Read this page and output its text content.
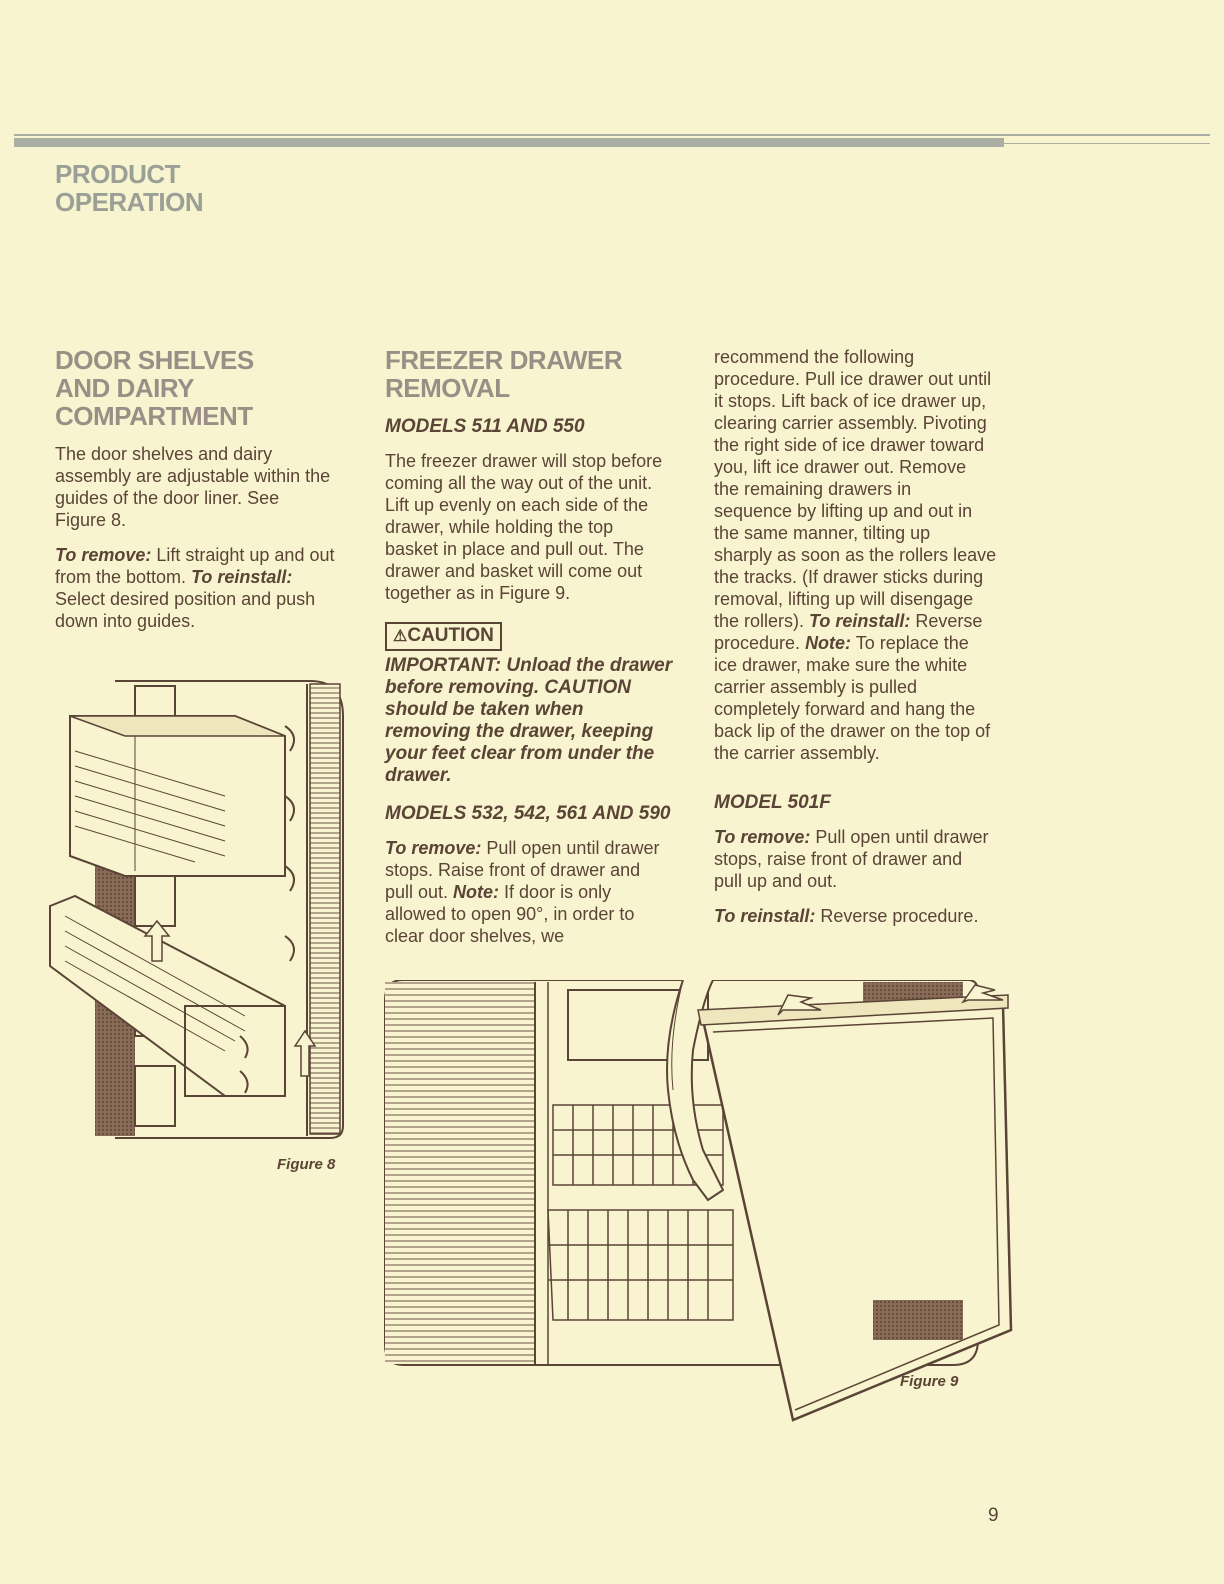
PRODUCT
OPERATION
DOOR SHELVES
AND DAIRY
COMPARTMENT

The door shelves and dairy
assembly are adjustable within the
guides of the door liner. See
Figure 8.

To remove: Lift straight up and out
from the bottom. To reinstall:
Select desired position and push
down into guides.

Figure 8
FREEZER DRAWER
REMOVAL
MODELS 511 AND 550

The freezer drawer will stop before
coming all the way out of the unit.
Lift up evenly on each side of the
drawer, while holding the top
basket in place and pull out. The
drawer and basket will come out
together as in Figure 9.

⚠CAUTION
IMPORTANT: Unload the drawer
before removing. CAUTION
should be taken when
removing the drawer, keeping
your feet clear from under the
drawer.
MODELS 532, 542, 561 AND 590

To remove: Pull open until drawer
stops. Raise front of drawer and
pull out. Note: If door is only
allowed to open 90°, in order to
clear door shelves, we

recommend the following
procedure. Pull ice drawer out until
it stops. Lift back of ice drawer up,
clearing carrier assembly. Pivoting
the right side of ice drawer toward
you, lift ice drawer out. Remove
the remaining drawers in
sequence by lifting up and out in
the same manner, tilting up
sharply as soon as the rollers leave
the tracks. (If drawer sticks during
removal, lifting up will disengage
the rollers). To reinstall: Reverse
procedure. Note: To replace the
ice drawer, make sure the white
carrier assembly is pulled
completely forward and hang the
back lip of the drawer on the top of
the carrier assembly.

MODEL 501F

To remove: Pull open until drawer
stops, raise front of drawer and
pull up and out.

To reinstall: Reverse procedure.

Figure 9
9
